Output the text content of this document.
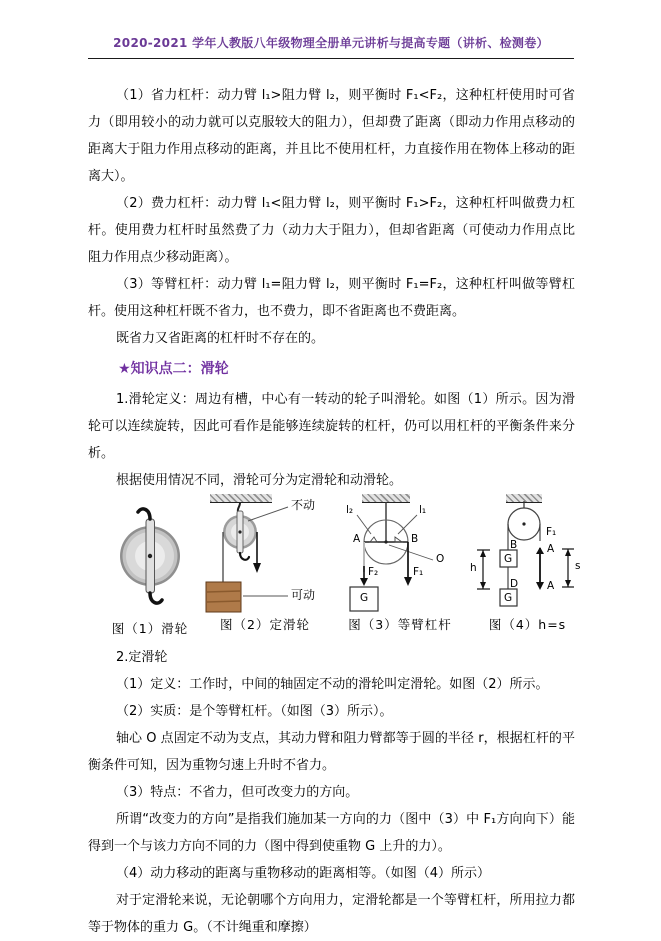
2020-2021 学年人教版八年级物理全册单元讲析与提高专题（讲析、检测卷）

（1）省力杠杆：动力臂 l₁>阻力臂 l₂，则平衡时 F₁<F₂，这种杠杆使用时可省力（即用较小的动力就可以克服较大的阻力），但却费了距离（即动力作用点移动的距离大于阻力作用点移动的距离，并且比不使用杠杆，力直接作用在物体上移动的距离大）。

（2）费力杠杆：动力臂 l₁<阻力臂 l₂，则平衡时 F₁>F₂，这种杠杆叫做费力杠杆。使用费力杠杆时虽然费了力（动力大于阻力），但却省距离（可使动力作用点比阻力作用点少移动距离）。

（3）等臂杠杆：动力臂 l₁=阻力臂 l₂，则平衡时 F₁=F₂，这种杠杆叫做等臂杠杆。使用这种杠杆既不省力，也不费力，即不省距离也不费距离。

既省力又省距离的杠杆时不存在的。

★知识点二：滑轮

1.滑轮定义：周边有槽，中心有一转动的轮子叫滑轮。如图（1）所示。因为滑轮可以连续旋转，因此可看作是能够连续旋转的杠杆，仍可以用杠杆的平衡条件来分析。

根据使用情况不同，滑轮可分为定滑轮和动滑轮。

图（1）滑轮
不动
可动
图（2）定滑轮
l₂	l₁
A	B
O
F₂	F₁
G
图（3）等臂杠杆
F₁
B
G
h
D
G
A
A
s
图（4）h=s

2.定滑轮

（1）定义：工作时，中间的轴固定不动的滑轮叫定滑轮。如图（2）所示。

（2）实质：是个等臂杠杆。（如图（3）所示）。

轴心 O 点固定不动为支点，其动力臂和阻力臂都等于圆的半径 r，根据杠杆的平衡条件可知，因为重物匀速上升时不省力。

（3）特点：不省力，但可改变力的方向。

所谓“改变力的方向”是指我们施加某一方向的力（图中（3）中 F₁方向向下）能得到一个与该力方向不同的力（图中得到使重物 G 上升的力）。

（4）动力移动的距离与重物移动的距离相等。（如图（4）所示）

对于定滑轮来说，无论朝哪个方向用力，定滑轮都是一个等臂杠杆，所用拉力都等于物体的重力 G。（不计绳重和摩擦）
